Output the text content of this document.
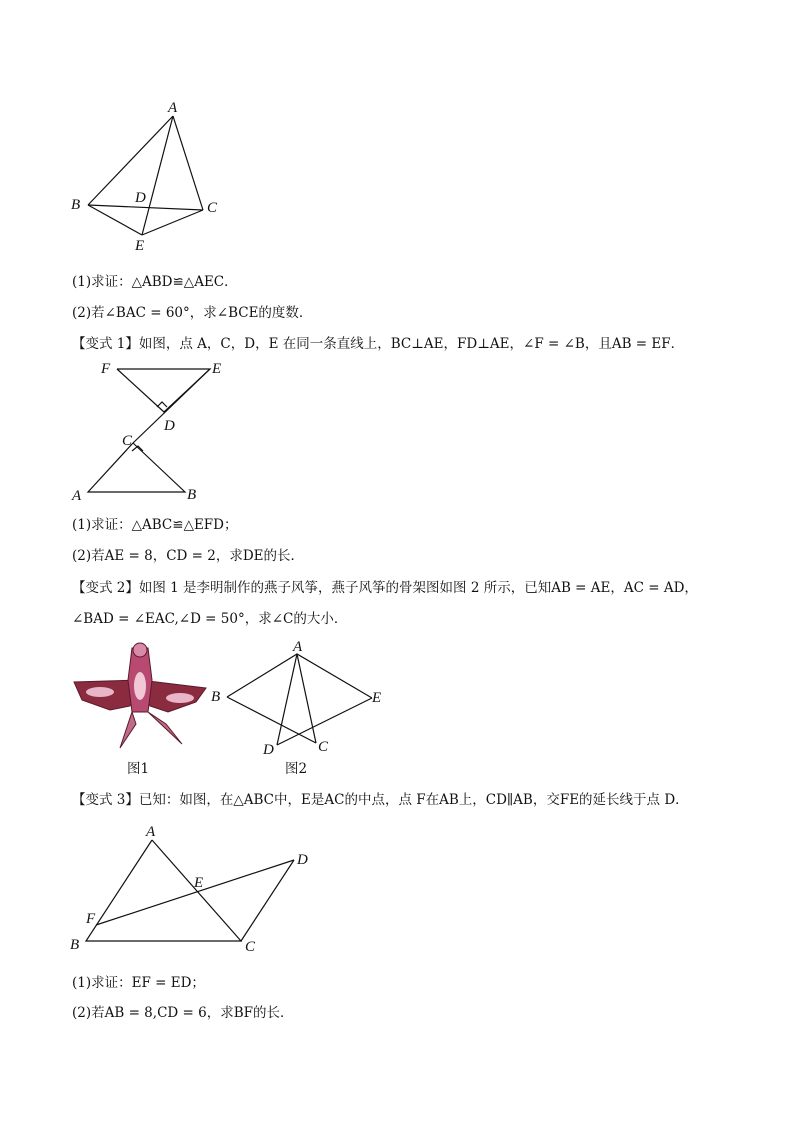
A
B	C
D
E
(1)求证：△ABD≌△AEC．
(2)若∠BAC = 60°，求∠BCE的度数．
【变式 1】如图，点 A，C，D，E 在同一条直线上，BC⊥AE，FD⊥AE，∠F = ∠B，且AB = EF．
F	E
D
C
A	B
(1)求证：△ABC≌△EFD；
(2)若AE = 8，CD = 2，求DE的长．
【变式 2】如图 1 是李明制作的燕子风筝，燕子风筝的骨架图如图 2 所示，已知AB = AE，AC = AD，
∠BAD = ∠EAC,∠D = 50°，求∠C的大小．
A
B	E
D	C
图1	图2
【变式 3】已知：如图，在△ABC中，E是AC的中点，点 F在AB上，CD∥AB，交FE的延长线于点 D．
A
D
E
F
B	C
(1)求证：EF = ED；
(2)若AB = 8,CD = 6，求BF的长．
